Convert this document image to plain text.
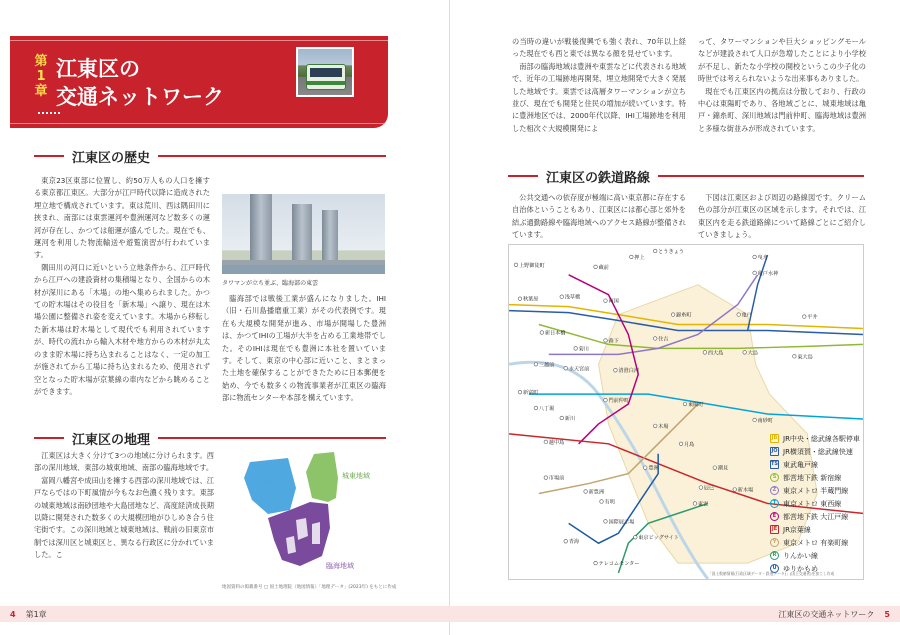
第1章
江東区の
交通ネットワーク
江東区の歴史

東京23区東部に位置し、約50万人もの人口を擁する東京都江東区。大部分が江戸時代以降に造成された埋立地で構成されています。東は荒川、西は隅田川に挟まれ、南部には東雲運河や豊洲運河など数多くの運河が存在し、かつては船運が盛んでした。現在でも、運河を利用した物流輸送や遊覧演習が行われています。

隅田川の河口に近いという立地条件から、江戸時代から江戸への建設資材の集積場となり、全国からの木材が深川にある「木場」の地へ集められました。かつての貯木場はその役目を「新木場」へ譲り、現在は木場公園に整備され姿を変えています。木場から移転した新木場は貯木場として現代でも利用されていますが、時代の流れから輸入木材や地方からの木材が丸太のまま貯木場に持ち込まれることはなく、一定の加工が施されてから工場に持ち込まれるため、使用されず空となった貯木場が京葉線の車内などから眺めることができます。

タワマンが立ち並ぶ、臨海部の東雲

臨海部では戦後工業が盛んになりました。IHI（旧・石川島播磨重工業）がその代表例です。現在も大規模な開発が進み、市場が開場した豊洲は、かつてIHIの工場が大半を占める工業地帯でした。そのIHIは現在でも豊洲に本社を置いています。そして、東京の中心部に近いこと、まとまった土地を確保することができたために日本郵便を始め、今でも数多くの物流事業者が江東区の臨海部に物流センターや本部を構えています。

江東区の地理

江東区は大きく分けて3つの地域に分けられます。西部の深川地域、東部の城東地域、南部の臨海地域です。

富岡八幡宮や成田山を擁する西部の深川地域では、江戸ならではの下町風情が今もなお色濃く残ります。東部の城東地域は南砂団地や大島団地など、高度経済成長期以降に開発された数多くの大規模団地がひしめき合う住宅街です。この深川地域と城東地域は、戦前の旧東京市制では深川区と城東区と、異なる行政区に分かれていました。こ

深川地域
城東地域
臨海地域
地図資料の掲載番号 □ 国土地理院（地図情報）「地理データ」(2023年) をもとに作成
4	第1章

の当時の違いが戦後復興でも強く表れ、70年以上経った現在でも西と東では異なる顔を見せています。

南部の臨海地域は豊洲や東雲などに代表される地域で、近年の工場跡地再開発、埋立地開発で大きく発展した地域です。東雲では高層タワーマンションが立ち並び、現在でも開発と住民の増加が続いています。特に豊洲地区では、2000年代以降、IHI工場跡地を利用した相次ぐ大規模開発によ

って、タワーマンションや巨大ショッピングモールなどが建設されて人口が急増したことにより小学校が不足し、新たな小学校の開校というこの少子化の時世では考えられないような出来事もありました。

現在でも江東区内の拠点は分散しており、行政の中心は東陽町であり、各地域ごとに、城東地域は亀戸・錦糸町、深川地域は門前仲町、臨海地域は豊洲と多様な街並みが形成されています。

江東区の鉄道路線

公共交通への依存度が極端に高い東京都に存在する自治体ということもあり、江東区には都心部と郊外を結ぶ通勤路線や臨海地域へのアクセス路線が整備されています。

下図は江東区および周辺の路線図です。クリーム色の部分が江東区の区域を示します。それでは、江東区内を走る鉄道路線について路線ごとにご紹介していきましょう。

江東区の交通ネットワーク	5
上野御徒町	蔵前
押上
とうきょう
曳舟
秋葉原	浅草橋
両国
錦糸町	亀戸	平井
亀戸水神
新日本橋
森下	住吉
西大島	大島
東大島
菊川
清澄白河
水天宮前
三越前
八丁堀
新川
門前仲町
東陽町
南砂町
木場
越中島	月島
潮見
新木場
辰巳
豊洲
新豊洲
市場前
有明
東京ビッグサイト
国際展示場
東雲
青海
テレコムセンター
新富町
「国土数値情報(行政区域データ・鉄道データ)」(国土交通省)を加工し作成
JB JR中央・総武線各駅停車
JO JR横須賀・総武線快速
TS 東武亀戸線
S 都営地下鉄 新宿線
Z 東京メトロ 半蔵門線
T 東京メトロ 東西線
E 都営地下鉄 大江戸線
JE JR京葉線
Y 東京メトロ 有楽町線
R りんかい線
U ゆりかもめ
